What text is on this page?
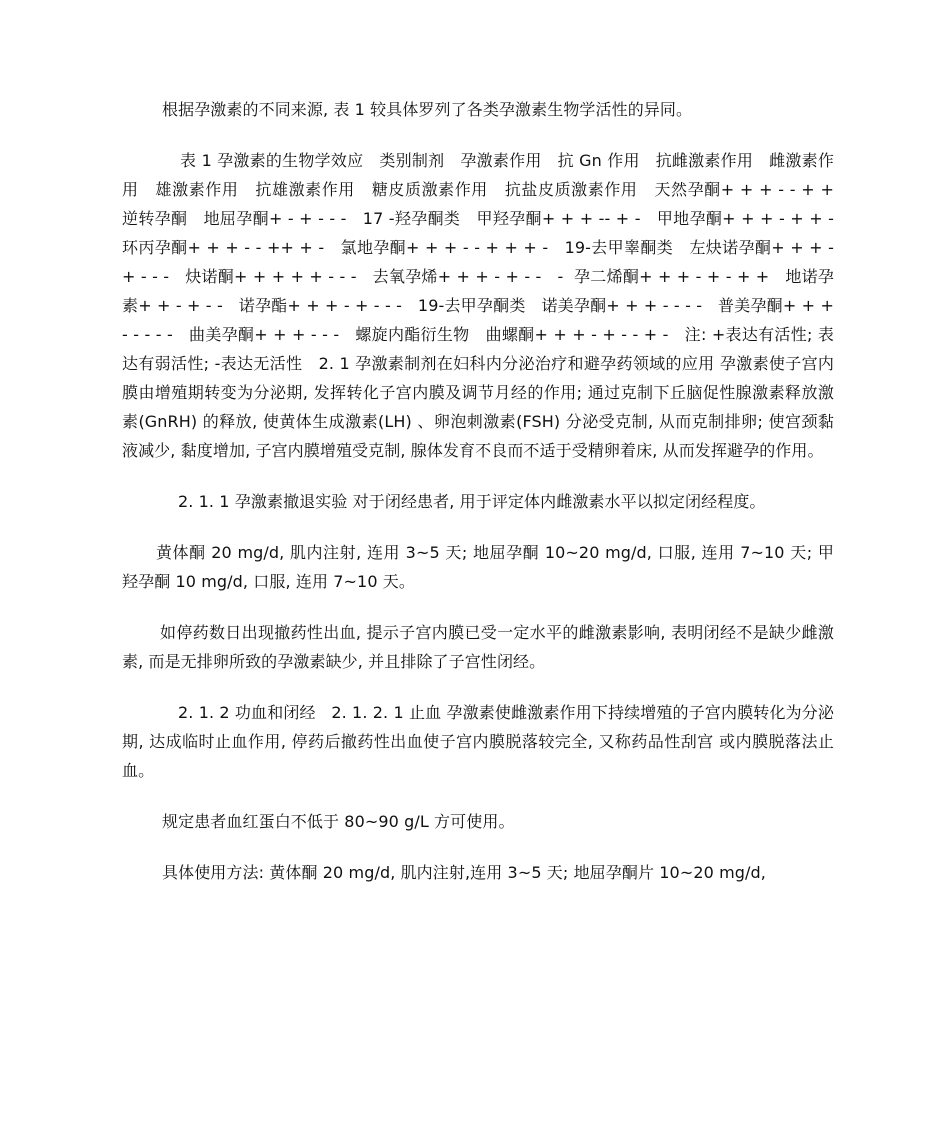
根据孕激素的不同来源, 表 1 较具体罗列了各类孕激素生物学活性的异同。

表 1 孕激素的生物学效应   类别制剂   孕激素作用   抗 Gn 作用   抗雌激素作用   雌激素作用   雄激素作用   抗雄激素作用   糖皮质激素作用   抗盐皮质激素作用   天然孕酮+ + + - - + +   逆转孕酮   地屈孕酮+ - + - - -   17 -羟孕酮类   甲羟孕酮+ + + -- + -   甲地孕酮+ + + - + + -   环丙孕酮+ + + - - ++ + -   氯地孕酮+ + + - - + + + -   19-去甲睾酮类   左炔诺孕酮+ + + - + - - -   炔诺酮+ + + + + - - -   去氧孕烯+ + + - + - -   -  孕二烯酮+ + + - + - + +   地诺孕素+ + - + - -   诺孕酯+ + + - + - - -   19-去甲孕酮类   诺美孕酮+ + + - - - -   普美孕酮+ + + - - - - -   曲美孕酮+ + + - - -   螺旋内酯衍生物   曲螺酮+ + + - + - - + -   注: +表达有活性; 表达有弱活性; -表达无活性   2. 1 孕激素制剂在妇科内分泌治疗和避孕药领域的应用 孕激素使子宫内膜由增殖期转变为分泌期, 发挥转化子宫内膜及调节月经的作用; 通过克制下丘脑促性腺激素释放激素(GnRH) 的释放, 使黄体生成激素(LH) 、卵泡刺激素(FSH) 分泌受克制, 从而克制排卵; 使宫颈黏液减少, 黏度增加, 子宫内膜增殖受克制, 腺体发育不良而不适于受精卵着床, 从而发挥避孕的作用。

2. 1. 1 孕激素撤退实验 对于闭经患者, 用于评定体内雌激素水平以拟定闭经程度。

黄体酮 20 mg/d, 肌内注射, 连用 3~5 天; 地屈孕酮 10~20 mg/d, 口服, 连用 7~10 天; 甲羟孕酮 10 mg/d, 口服, 连用 7~10 天。

如停药数日出现撤药性出血, 提示子宫内膜已受一定水平的雌激素影响, 表明闭经不是缺少雌激素, 而是无排卵所致的孕激素缺少, 并且排除了子宫性闭经。

2. 1. 2 功血和闭经   2. 1. 2. 1 止血 孕激素使雌激素作用下持续增殖的子宫内膜转化为分泌期, 达成临时止血作用, 停药后撤药性出血使子宫内膜脱落较完全, 又称药品性刮宫 或内膜脱落法止血。

规定患者血红蛋白不低于 80~90 g/L 方可使用。

具体使用方法: 黄体酮 20 mg/d, 肌内注射,连用 3~5 天; 地屈孕酮片 10~20 mg/d,
